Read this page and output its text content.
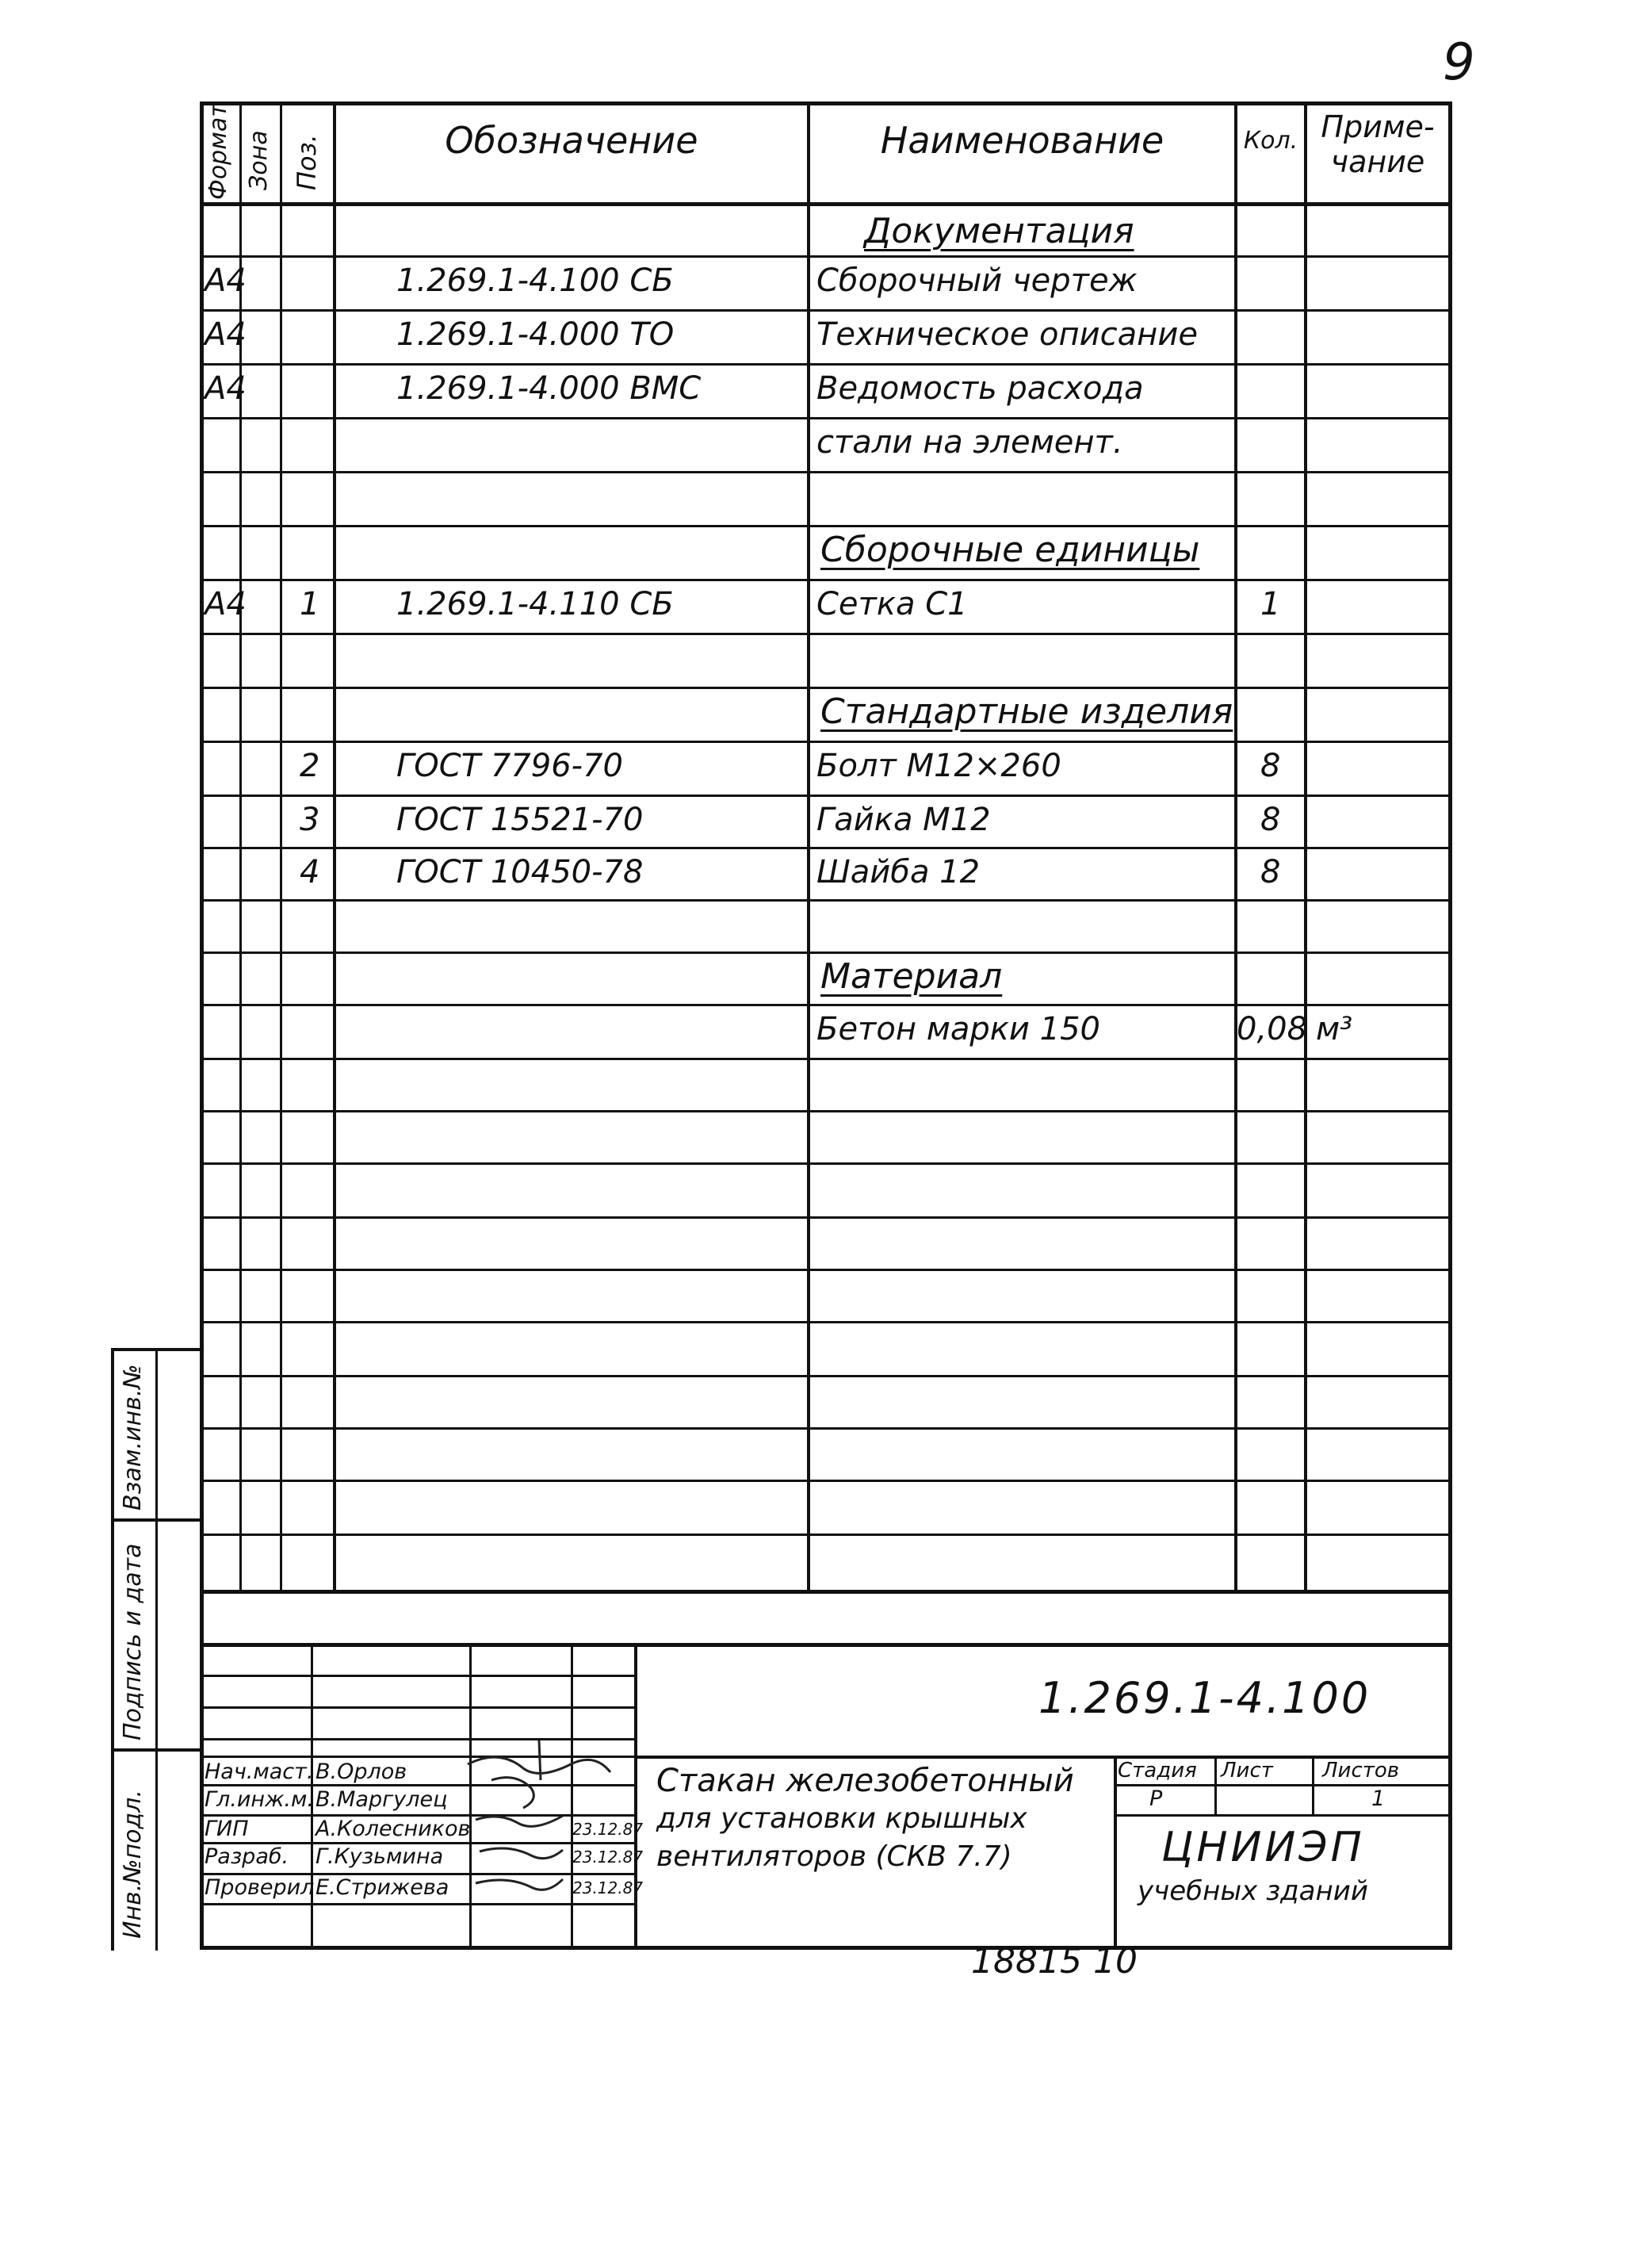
9
Формат Зона Поз.	Обозначение	Наименование	Кол. Приме-
чание
Документация
А4	1.269.1-4.100 СБ	Сборочный чертеж
А4	1.269.1-4.000 ТО	Техническое описание
А4	1.269.1-4.000 ВМС	Ведомость расхода
стали на элемент.
Сборочные единицы
А4 1 1.269.1-4.110 СБ	Сетка С1	1
Стандартные изделия
2 ГОСТ 7796-70	Болт М12×260	8
3 ГОСТ 15521-70	Гайка М12	8
4 ГОСТ 10450-78	Шайба 12	8
Материал
Бетон марки 150	0,08 м³
Инв.№подл.
Подпись и дата
Взам.инв.№
1.269.1-4.100
Стакан железобетонный
для установки крышных
вентиляторов (СКВ 7.7)
Стадия Лист Листов
Р	1
ЦНИИЭП
учебных зданий
Нач.маст. В.Орлов
Гл.инж.м. В.Маргулец
ГИП	А.Колесников	23.12.87
Разраб. Г.Кузьмина	23.12.87
Проверил Е.Стрижева	23.12.87
18815 10
